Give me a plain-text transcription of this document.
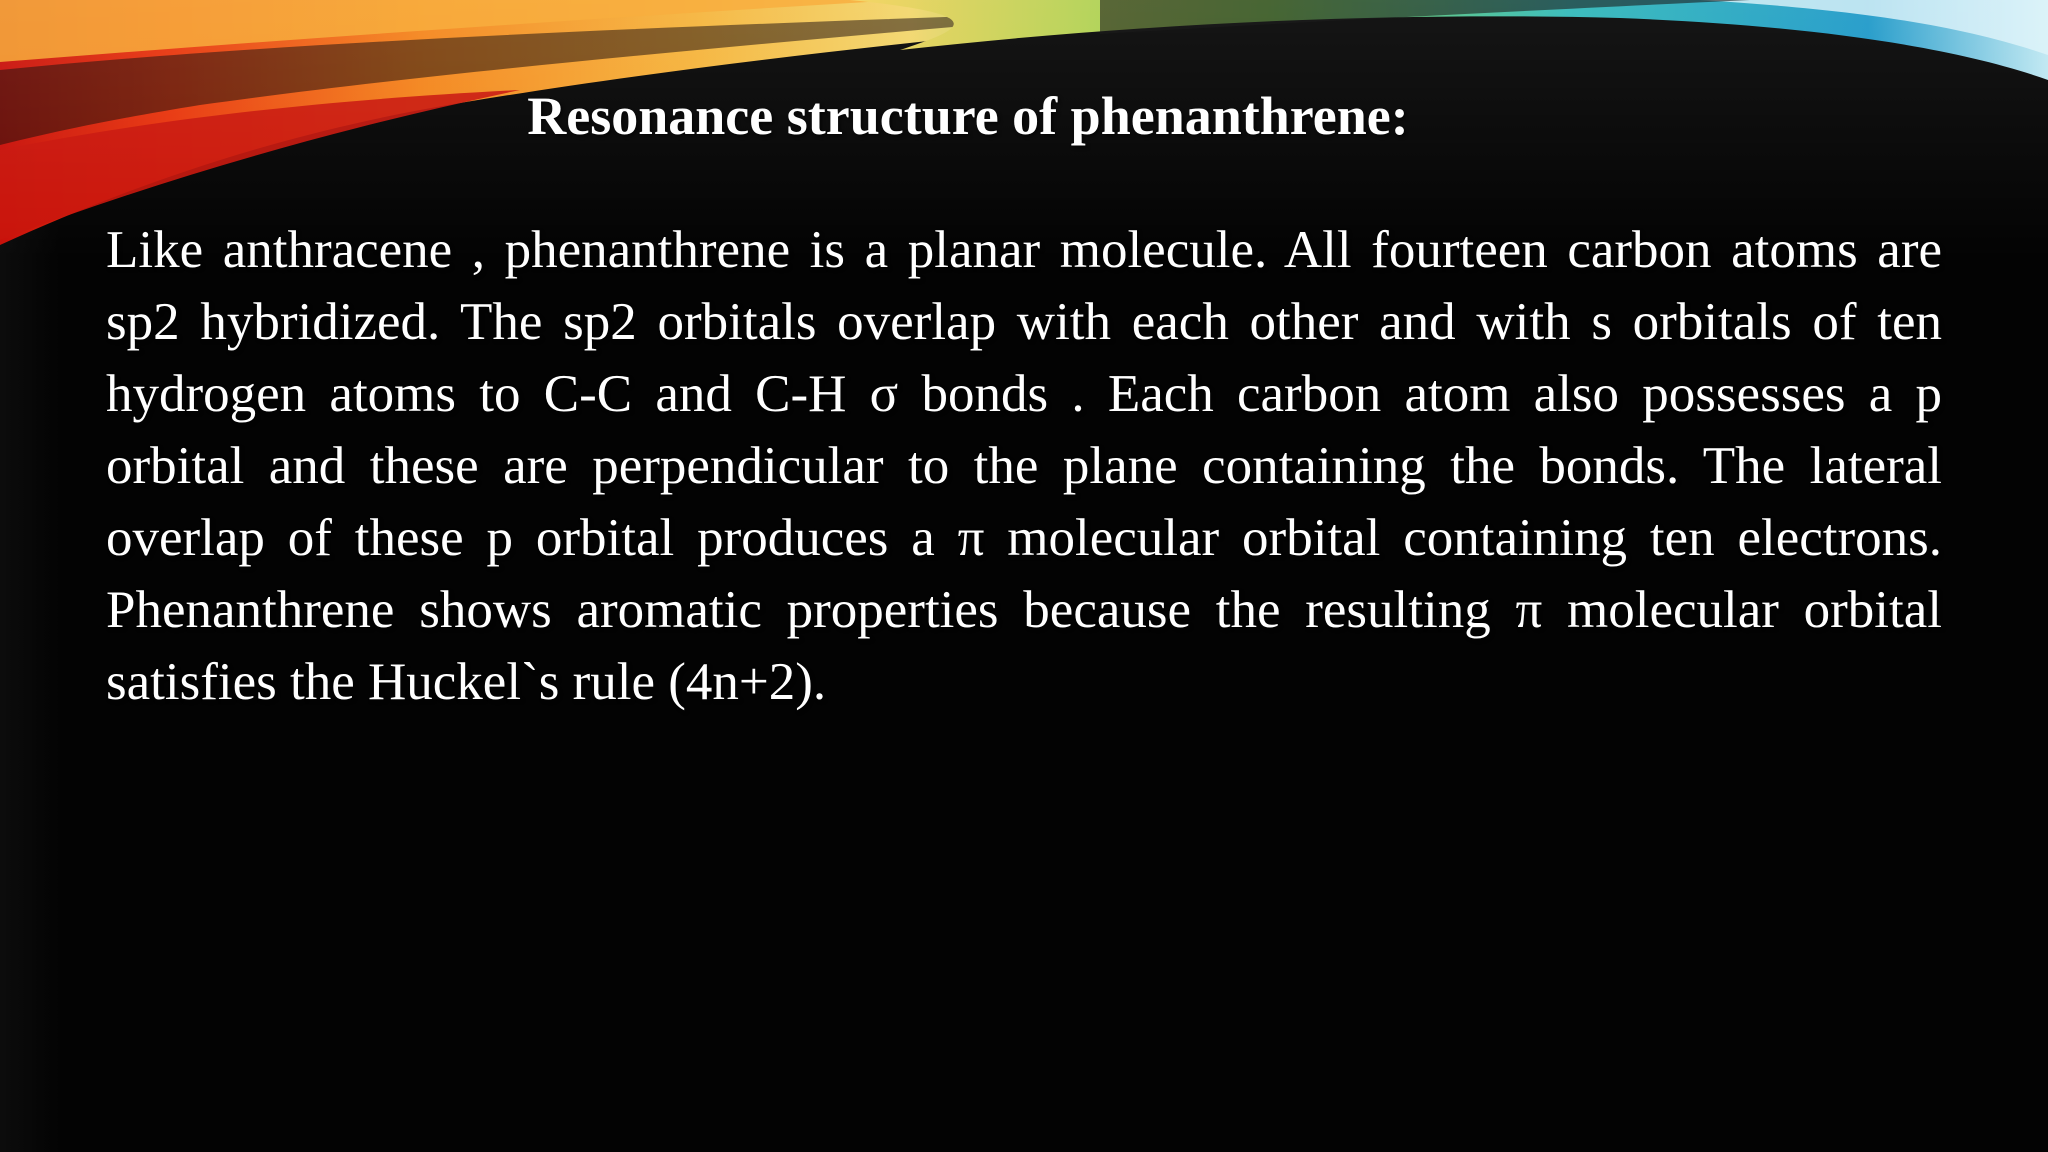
Resonance structure of phenanthrene:

Like anthracene , phenanthrene is a planar molecule. All fourteen carbon atoms are sp2 hybridized. The sp2 orbitals overlap with each other and with s orbitals of ten hydrogen atoms to C-C and C-H σ bonds . Each carbon atom also possesses a p orbital and these are perpendicular to the plane containing the bonds. The lateral overlap of these p orbital produces a π molecular orbital containing ten electrons. Phenanthrene shows aromatic properties because the resulting π molecular orbital satisfies the Huckel`s rule (4n+2).
